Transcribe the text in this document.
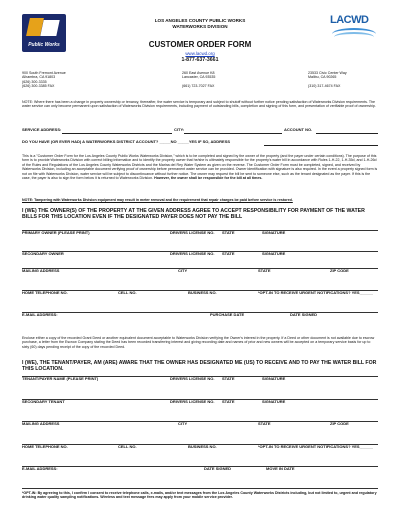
Public Works
LACWD
LOS ANGELES COUNTY PUBLIC WORKS
WATERWORKS DIVISION
CUSTOMER ORDER FORM
www.lacwd.org
1-877-637-3661
900 South Fremont Avenue
Alhambra, CA 91803
(626) 300-3335
(626) 300-3385 FAX
260 East Avenue K8
Lancaster, CA 93535
(661) 723-7027 FAX
23533 Civic Center Way
Malibu, CA 90265
(310) 317-4674 FAX
NOTE: Where there has been a change in property ownership or tenancy, thereafter, the water service is temporary and subject to shutoff without further notice pending satisfaction of Waterworks Division requirements. The water service can only become permanent upon satisfaction of Waterworks Division requirements, including payment of outstanding bills, completion and signing of this form, and presentation of verifiable proof of ownership.
SERVICE ADDRESS:	CITY:	ACCOUNT NO.
DO YOU HAVE (OR EVER HAD) A WATERWORKS DISTRICT ACCOUNT? _____NO _____YES IF SO, ADDRESS
This is a "Customer Order Form for the Los Angeles County Public Works Waterworks Division," which is to be completed and signed by the owner of the property (and the payer under certain conditions). The purpose of this form is to provide Waterworks Division with correct billing information and to identify the property owner that he/she is ultimately responsible for the property's water bill in accordance with Rules 1-H-22, 1-H-35d, and 1-H-26d of the Rules and Regulations of the Los Angeles County Waterworks Districts and the Marina del Rey Water System as given on the reverse. The Customer Order Form must be completed, signed, and received by Waterworks Division, including an acceptable document verifying proof of ownership before permanent water service can be provided. Owner identification with signature is also required. In the event a property signed form is not on file with Waterworks Division, water service will be subject to discontinuance without further notice. The owner may request the bill be sent to someone else, such as the tenant designated as the payer. If this is the case, the payer is also to sign the form below it is returned to Waterworks Division. However, the owner shall be responsible for the bill at all times.
NOTE: Tampering with Waterworks Division equipment may result in meter removal and the requirement that repair charges be paid before service is restored.
I (WE) THE OWNER(S) OF THE PROPERTY AT THE GIVEN ADDRESS AGREE TO ACCEPT RESPONSIBILITY FOR PAYMENT OF THE WATER BILLS FOR THIS LOCATION EVEN IF THE DESIGNATED PAYER DOES NOT PAY THE BILL
PRIMARY OWNER (PLEASE PRINT)	DRIVERS LICENSE NO. STATE	SIGNATURE
SECONDARY OWNER	DRIVERS LICENSE NO. STATE	SIGNATURE
MAILING ADDRESS	CITY	STATE	ZIP CODE
HOME TELEPHONE NO.	CELL NO.	BUSINESS NO.	*OPT-IN TO RECEIVE URGENT NOTIFICATIONS? YES______
E-MAIL ADDRESS:	PURCHASE DATE	DATE SIGNED
Enclose either a copy of the recorded Grant Deed or another equivalent document acceptable to Waterworks Division verifying the Owner's interest in the property. If a Deed or other document is not available due to escrow purchase, a letter from the Escrow Company stating the Deed has been recorded transferring interest and giving recording date and names of prior and new owners will be accepted on a temporary service basis for up to sixty (60) days pending receipt of the copy of the recorded Deed.
I (WE), THE TENANT/PAYER, AM (ARE) AWARE THAT THE OWNER HAS DESIGNATED ME (US) TO RECEIVE AND TO PAY THE WATER BILL FOR THIS LOCATION.
TENANT/PAYER NAME (PLEASE PRINT)	DRIVERS LICENSE NO. STATE	SIGNATURE
SECONDARY TENANT	DRIVERS LICENSE NO. STATE	SIGNATURE
MAILING ADDRESS	CITY	STATE	ZIP CODE
HOME TELEPHONE NO.	CELL NO.	BUSINESS NO.	*OPT-IN TO RECEIVE URGENT NOTIFICATIONS? YES______
E-MAIL ADDRESS:	DATE SIGNED	MOVE IN DATE
*OPT-IN: By agreeing to this, I confirm I consent to receive telephone calls, e-mails, and/or text messages from the Los Angeles County Waterworks Districts including, but not limited to, urgent and regulatory drinking water quality sampling notifications. Wireless and text message fees may apply from your mobile service provider.
